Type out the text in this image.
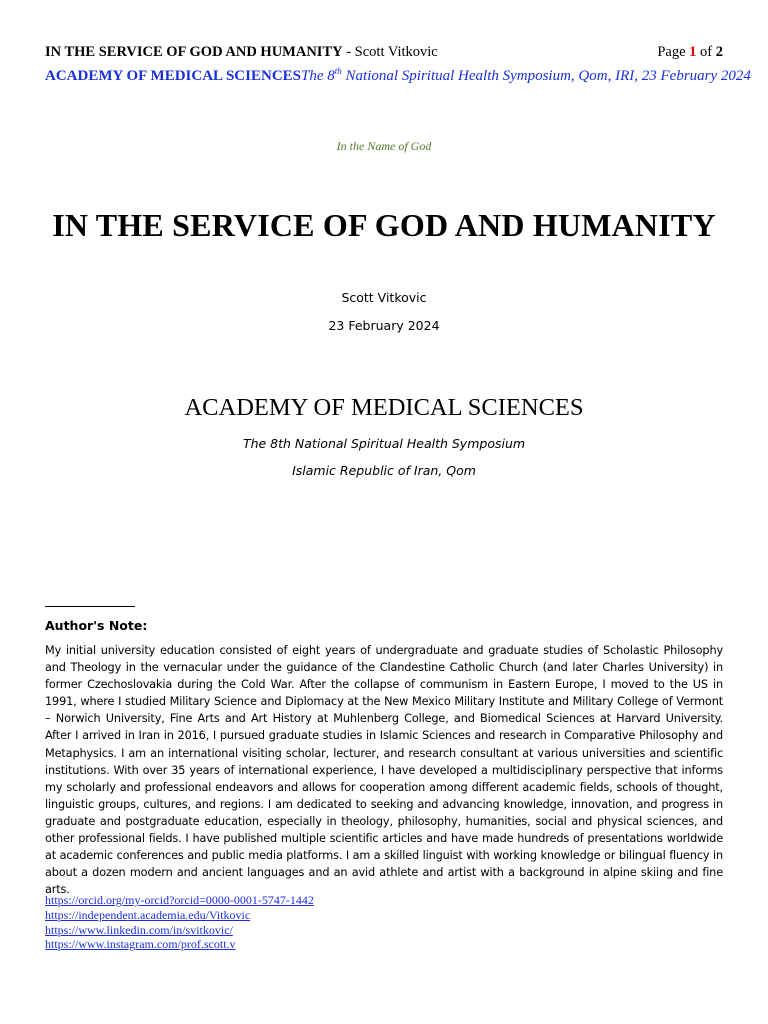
IN THE SERVICE OF GOD AND HUMANITY - Scott Vitkovic	Page 1 of 2
ACADEMY OF MEDICAL SCIENCES The 8th National Spiritual Health Symposium, Qom, IRI, 23 February 2024
In the Name of God
IN THE SERVICE OF GOD AND HUMANITY
Scott Vitkovic
23 February 2024
ACADEMY OF MEDICAL SCIENCES
The 8th National Spiritual Health Symposium
Islamic Republic of Iran, Qom
Author's Note:
My initial university education consisted of eight years of undergraduate and graduate studies of Scholastic Philosophy and Theology in the vernacular under the guidance of the Clandestine Catholic Church (and later Charles University) in former Czechoslovakia during the Cold War. After the collapse of communism in Eastern Europe, I moved to the US in 1991, where I studied Military Science and Diplomacy at the New Mexico Military Institute and Military College of Vermont – Norwich University, Fine Arts and Art History at Muhlenberg College, and Biomedical Sciences at Harvard University. After I arrived in Iran in 2016, I pursued graduate studies in Islamic Sciences and research in Comparative Philosophy and Metaphysics. I am an international visiting scholar, lecturer, and research consultant at various universities and scientific institutions. With over 35 years of international experience, I have developed a multidisciplinary perspective that informs my scholarly and professional endeavors and allows for cooperation among different academic fields, schools of thought, linguistic groups, cultures, and regions. I am dedicated to seeking and advancing knowledge, innovation, and progress in graduate and postgraduate education, especially in theology, philosophy, humanities, social and physical sciences, and other professional fields. I have published multiple scientific articles and have made hundreds of presentations worldwide at academic conferences and public media platforms. I am a skilled linguist with working knowledge or bilingual fluency in about a dozen modern and ancient languages and an avid athlete and artist with a background in alpine skiing and fine arts.
https://orcid.org/my-orcid?orcid=0000-0001-5747-1442
https://independent.academia.edu/Vitkovic
https://www.linkedin.com/in/svitkovic/
https://www.instagram.com/prof.scott.v
